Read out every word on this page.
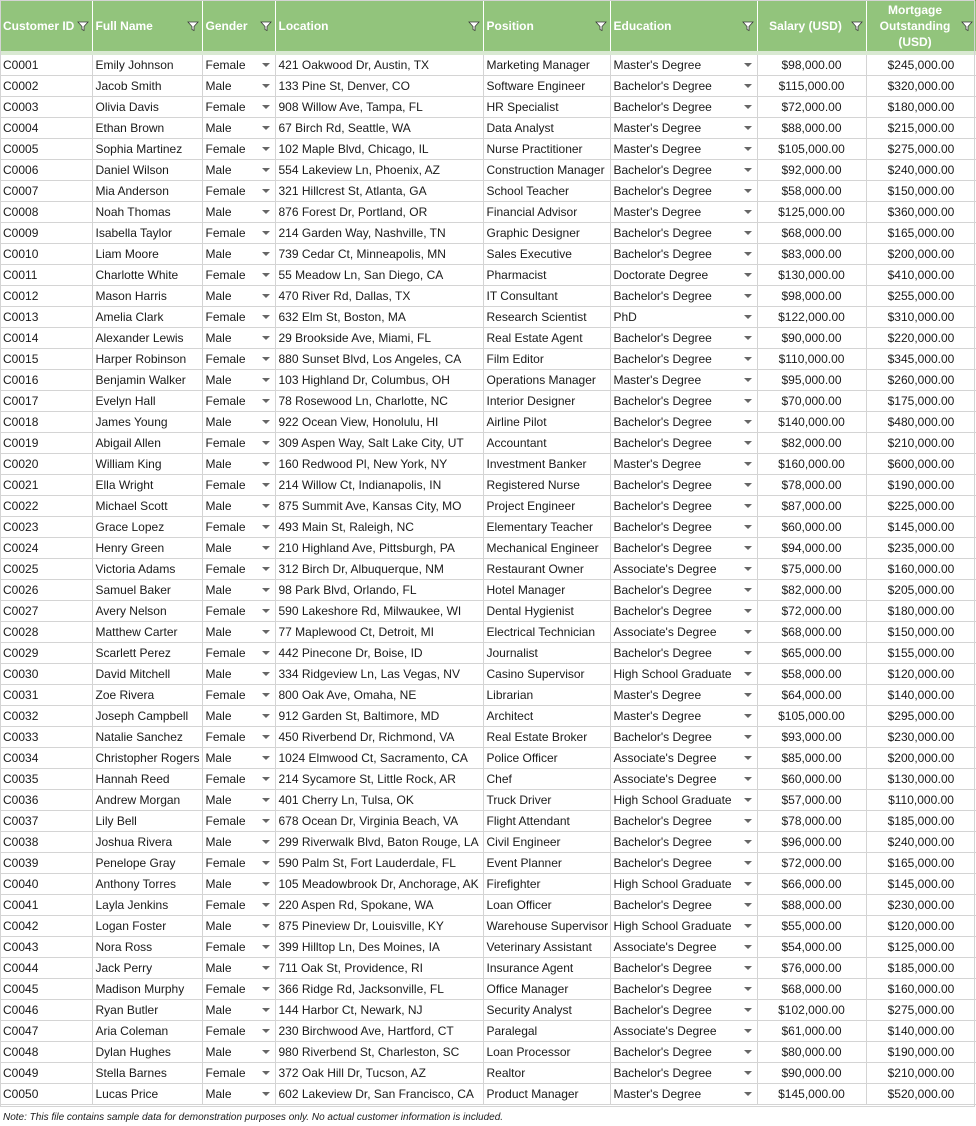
Customer ID	Full Name	Gender	Location	Position	Education	Salary (USD)	Mortgage Outstanding (USD)

C0001	Emily Johnson	Female	421 Oakwood Dr, Austin, TX	Marketing Manager	Master's Degree	$98,000.00	$245,000.00
C0002	Jacob Smith	Male	133 Pine St, Denver, CO	Software Engineer	Bachelor's Degree	$115,000.00	$320,000.00
C0003	Olivia Davis	Female	908 Willow Ave, Tampa, FL	HR Specialist	Bachelor's Degree	$72,000.00	$180,000.00
C0004	Ethan Brown	Male	67 Birch Rd, Seattle, WA	Data Analyst	Master's Degree	$88,000.00	$215,000.00
C0005	Sophia Martinez	Female	102 Maple Blvd, Chicago, IL	Nurse Practitioner	Master's Degree	$105,000.00	$275,000.00
C0006	Daniel Wilson	Male	554 Lakeview Ln, Phoenix, AZ	Construction Manager	Bachelor's Degree	$92,000.00	$240,000.00
C0007	Mia Anderson	Female	321 Hillcrest St, Atlanta, GA	School Teacher	Bachelor's Degree	$58,000.00	$150,000.00
C0008	Noah Thomas	Male	876 Forest Dr, Portland, OR	Financial Advisor	Master's Degree	$125,000.00	$360,000.00
C0009	Isabella Taylor	Female	214 Garden Way, Nashville, TN	Graphic Designer	Bachelor's Degree	$68,000.00	$165,000.00
C0010	Liam Moore	Male	739 Cedar Ct, Minneapolis, MN	Sales Executive	Bachelor's Degree	$83,000.00	$200,000.00
C0011	Charlotte White	Female	55 Meadow Ln, San Diego, CA	Pharmacist	Doctorate Degree	$130,000.00	$410,000.00
C0012	Mason Harris	Male	470 River Rd, Dallas, TX	IT Consultant	Bachelor's Degree	$98,000.00	$255,000.00
C0013	Amelia Clark	Female	632 Elm St, Boston, MA	Research Scientist	PhD	$122,000.00	$310,000.00
C0014	Alexander Lewis	Male	29 Brookside Ave, Miami, FL	Real Estate Agent	Bachelor's Degree	$90,000.00	$220,000.00
C0015	Harper Robinson	Female	880 Sunset Blvd, Los Angeles, CA	Film Editor	Bachelor's Degree	$110,000.00	$345,000.00
C0016	Benjamin Walker	Male	103 Highland Dr, Columbus, OH	Operations Manager	Master's Degree	$95,000.00	$260,000.00
C0017	Evelyn Hall	Female	78 Rosewood Ln, Charlotte, NC	Interior Designer	Bachelor's Degree	$70,000.00	$175,000.00
C0018	James Young	Male	922 Ocean View, Honolulu, HI	Airline Pilot	Bachelor's Degree	$140,000.00	$480,000.00
C0019	Abigail Allen	Female	309 Aspen Way, Salt Lake City, UT	Accountant	Bachelor's Degree	$82,000.00	$210,000.00
C0020	William King	Male	160 Redwood Pl, New York, NY	Investment Banker	Master's Degree	$160,000.00	$600,000.00
C0021	Ella Wright	Female	214 Willow Ct, Indianapolis, IN	Registered Nurse	Bachelor's Degree	$78,000.00	$190,000.00
C0022	Michael Scott	Male	875 Summit Ave, Kansas City, MO	Project Engineer	Bachelor's Degree	$87,000.00	$225,000.00
C0023	Grace Lopez	Female	493 Main St, Raleigh, NC	Elementary Teacher	Bachelor's Degree	$60,000.00	$145,000.00
C0024	Henry Green	Male	210 Highland Ave, Pittsburgh, PA	Mechanical Engineer	Bachelor's Degree	$94,000.00	$235,000.00
C0025	Victoria Adams	Female	312 Birch Dr, Albuquerque, NM	Restaurant Owner	Associate's Degree	$75,000.00	$160,000.00
C0026	Samuel Baker	Male	98 Park Blvd, Orlando, FL	Hotel Manager	Bachelor's Degree	$82,000.00	$205,000.00
C0027	Avery Nelson	Female	590 Lakeshore Rd, Milwaukee, WI	Dental Hygienist	Bachelor's Degree	$72,000.00	$180,000.00
C0028	Matthew Carter	Male	77 Maplewood Ct, Detroit, MI	Electrical Technician	Associate's Degree	$68,000.00	$150,000.00
C0029	Scarlett Perez	Female	442 Pinecone Dr, Boise, ID	Journalist	Bachelor's Degree	$65,000.00	$155,000.00
C0030	David Mitchell	Male	334 Ridgeview Ln, Las Vegas, NV	Casino Supervisor	High School Graduate	$58,000.00	$120,000.00
C0031	Zoe Rivera	Female	800 Oak Ave, Omaha, NE	Librarian	Master's Degree	$64,000.00	$140,000.00
C0032	Joseph Campbell	Male	912 Garden St, Baltimore, MD	Architect	Master's Degree	$105,000.00	$295,000.00
C0033	Natalie Sanchez	Female	450 Riverbend Dr, Richmond, VA	Real Estate Broker	Bachelor's Degree	$93,000.00	$230,000.00
C0034	Christopher Rogers	Male	1024 Elmwood Ct, Sacramento, CA	Police Officer	Associate's Degree	$85,000.00	$200,000.00
C0035	Hannah Reed	Female	214 Sycamore St, Little Rock, AR	Chef	Associate's Degree	$60,000.00	$130,000.00
C0036	Andrew Morgan	Male	401 Cherry Ln, Tulsa, OK	Truck Driver	High School Graduate	$57,000.00	$110,000.00
C0037	Lily Bell	Female	678 Ocean Dr, Virginia Beach, VA	Flight Attendant	Bachelor's Degree	$78,000.00	$185,000.00
C0038	Joshua Rivera	Male	299 Riverwalk Blvd, Baton Rouge, LA	Civil Engineer	Bachelor's Degree	$96,000.00	$240,000.00
C0039	Penelope Gray	Female	590 Palm St, Fort Lauderdale, FL	Event Planner	Bachelor's Degree	$72,000.00	$165,000.00
C0040	Anthony Torres	Male	105 Meadowbrook Dr, Anchorage, AK	Firefighter	High School Graduate	$66,000.00	$145,000.00
C0041	Layla Jenkins	Female	220 Aspen Rd, Spokane, WA	Loan Officer	Bachelor's Degree	$88,000.00	$230,000.00
C0042	Logan Foster	Male	875 Pineview Dr, Louisville, KY	Warehouse Supervisor	High School Graduate	$55,000.00	$120,000.00
C0043	Nora Ross	Female	399 Hilltop Ln, Des Moines, IA	Veterinary Assistant	Associate's Degree	$54,000.00	$125,000.00
C0044	Jack Perry	Male	711 Oak St, Providence, RI	Insurance Agent	Bachelor's Degree	$76,000.00	$185,000.00
C0045	Madison Murphy	Female	366 Ridge Rd, Jacksonville, FL	Office Manager	Bachelor's Degree	$68,000.00	$160,000.00
C0046	Ryan Butler	Male	144 Harbor Ct, Newark, NJ	Security Analyst	Bachelor's Degree	$102,000.00	$275,000.00
C0047	Aria Coleman	Female	230 Birchwood Ave, Hartford, CT	Paralegal	Associate's Degree	$61,000.00	$140,000.00
C0048	Dylan Hughes	Male	980 Riverbend St, Charleston, SC	Loan Processor	Bachelor's Degree	$80,000.00	$190,000.00
C0049	Stella Barnes	Female	372 Oak Hill Dr, Tucson, AZ	Realtor	Bachelor's Degree	$90,000.00	$210,000.00
C0050	Lucas Price	Male	602 Lakeview Dr, San Francisco, CA	Product Manager	Master's Degree	$145,000.00	$520,000.00
Note: This file contains sample data for demonstration purposes only. No actual customer information is included.
